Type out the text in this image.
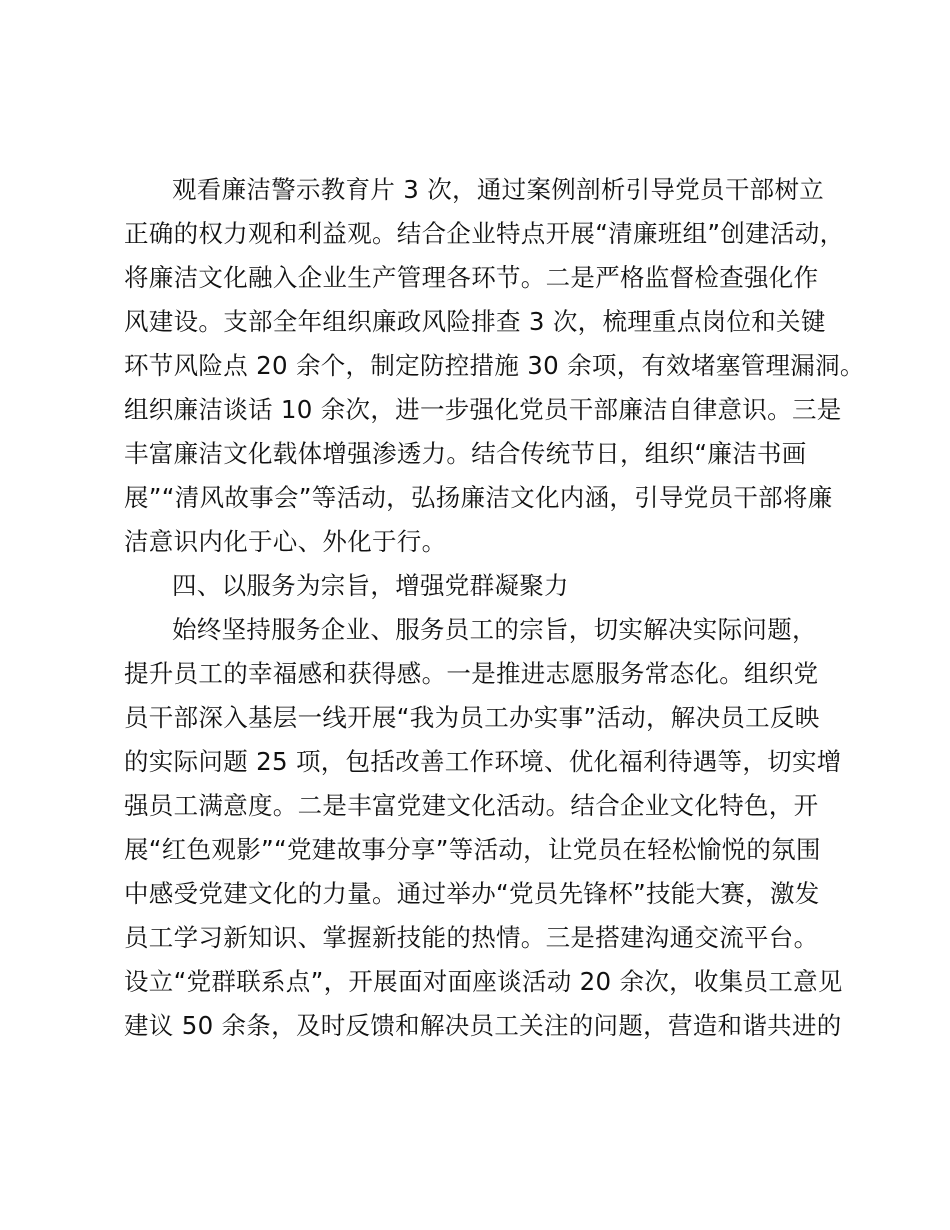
观看廉洁警示教育片 3 次，通过案例剖析引导党员干部树立
正确的权力观和利益观。结合企业特点开展“清廉班组”创建活动，
将廉洁文化融入企业生产管理各环节。二是严格监督检查强化作
风建设。支部全年组织廉政风险排查 3 次，梳理重点岗位和关键
环节风险点 20 余个，制定防控措施 30 余项，有效堵塞管理漏洞。
组织廉洁谈话 10 余次，进一步强化党员干部廉洁自律意识。三是
丰富廉洁文化载体增强渗透力。结合传统节日，组织“廉洁书画
展”“清风故事会”等活动，弘扬廉洁文化内涵，引导党员干部将廉
洁意识内化于心、外化于行。
四、以服务为宗旨，增强党群凝聚力
始终坚持服务企业、服务员工的宗旨，切实解决实际问题，
提升员工的幸福感和获得感。一是推进志愿服务常态化。组织党
员干部深入基层一线开展“我为员工办实事”活动，解决员工反映
的实际问题 25 项，包括改善工作环境、优化福利待遇等，切实增
强员工满意度。二是丰富党建文化活动。结合企业文化特色，开
展“红色观影”“党建故事分享”等活动，让党员在轻松愉悦的氛围
中感受党建文化的力量。通过举办“党员先锋杯”技能大赛，激发
员工学习新知识、掌握新技能的热情。三是搭建沟通交流平台。
设立“党群联系点”，开展面对面座谈活动 20 余次，收集员工意见
建议 50 余条，及时反馈和解决员工关注的问题，营造和谐共进的
